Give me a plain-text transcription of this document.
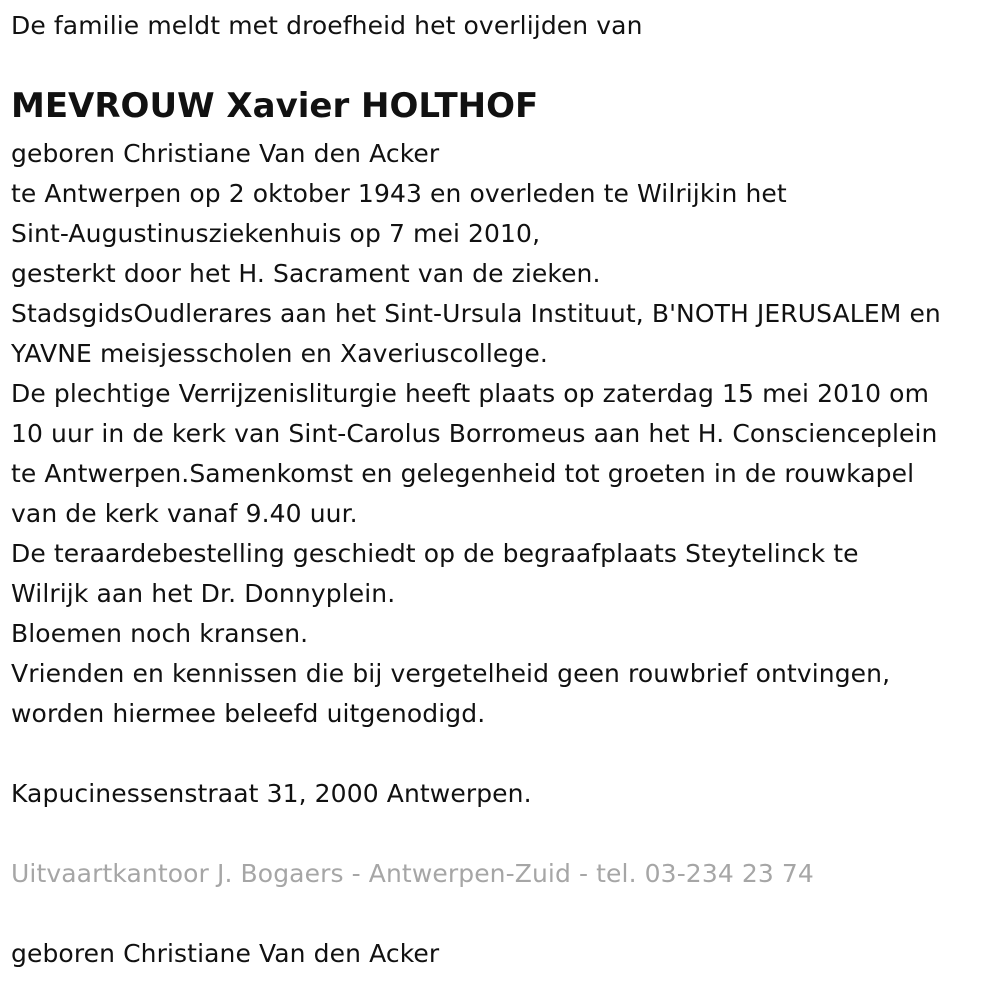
De familie meldt met droefheid het overlijden van
MEVROUW Xavier HOLTHOF
geboren Christiane Van den Acker
te Antwerpen op 2 oktober 1943 en overleden te Wilrijkin het
Sint-Augustinusziekenhuis op 7 mei 2010,
gesterkt door het H. Sacrament van de zieken.
StadsgidsOudlerares aan het Sint-Ursula Instituut, B'NOTH JERUSALEM en
YAVNE meisjesscholen en Xaveriuscollege.
De plechtige Verrijzenisliturgie heeft plaats op zaterdag 15 mei 2010 om
10 uur in de kerk van Sint-Carolus Borromeus aan het H. Conscienceplein
te Antwerpen.Samenkomst en gelegenheid tot groeten in de rouwkapel
van de kerk vanaf 9.40 uur.
De teraardebestelling geschiedt op de begraafplaats Steytelinck te
Wilrijk aan het Dr. Donnyplein.
Bloemen noch kransen.
Vrienden en kennissen die bij vergetelheid geen rouwbrief ontvingen,
worden hiermee beleefd uitgenodigd.
Kapucinessenstraat 31, 2000 Antwerpen.
Uitvaartkantoor J. Bogaers - Antwerpen-Zuid - tel. 03-234 23 74
geboren Christiane Van den Acker
